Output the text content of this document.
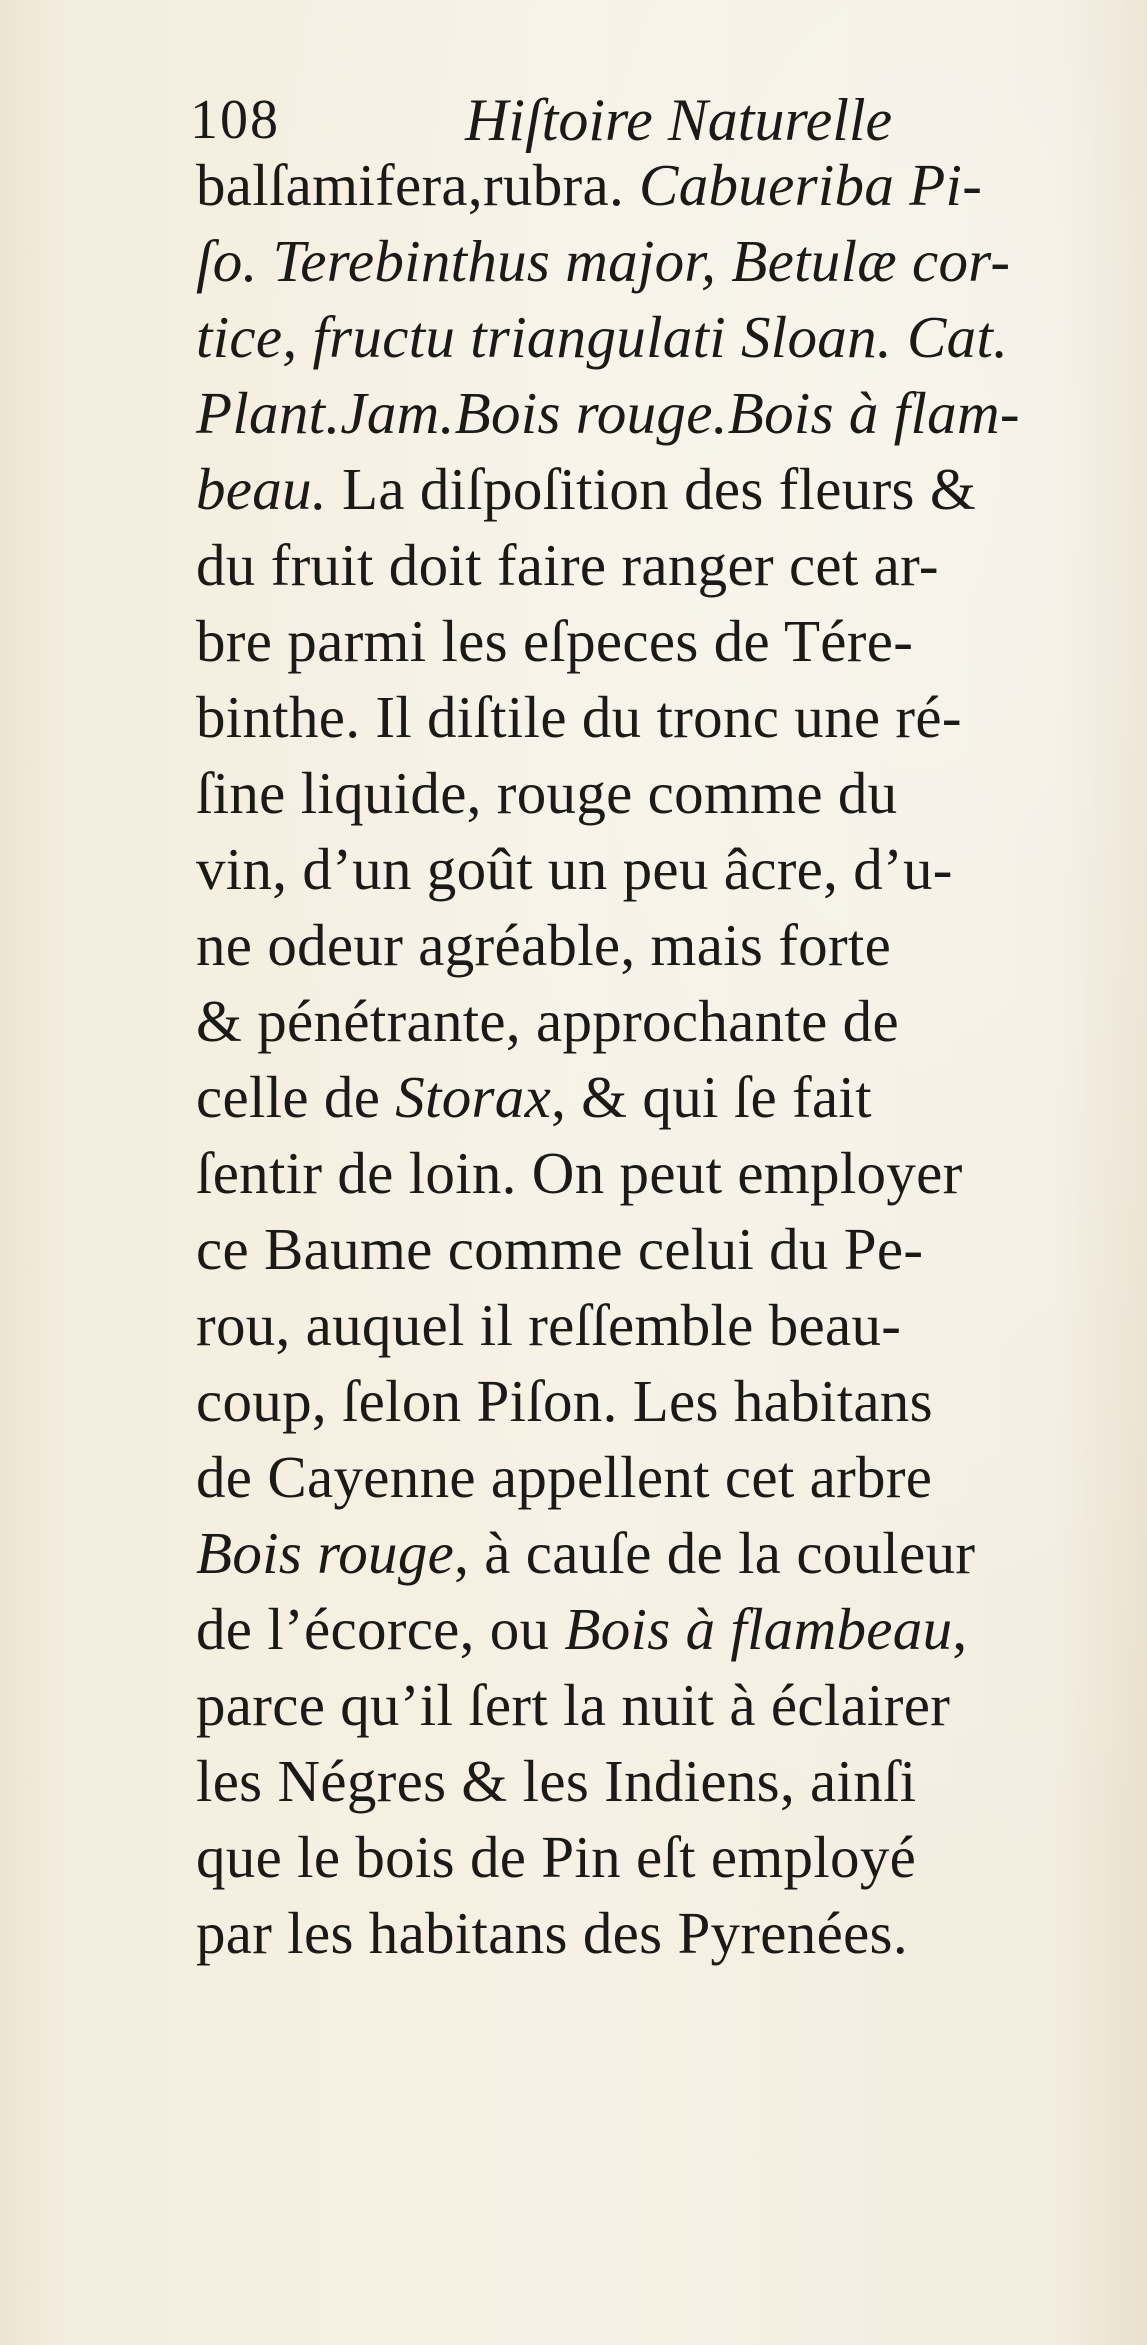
108	Hiſtoire Naturelle
balſamifera,rubra. Cabueriba Pi-
ſo. Terebinthus major, Betulæ cor-
tice, fructu triangulati Sloan. Cat.
Plant.Jam.Bois rouge.Bois à flam-
beau. La diſpoſition des fleurs &
du fruit doit faire ranger cet ar-
bre parmi les eſpeces de Tére-
binthe. Il diſtile du tronc une ré-
ſine liquide, rouge comme du
vin, d’un goût un peu âcre, d’u-
ne odeur agréable, mais forte
& pénétrante, approchante de
celle de Storax, & qui ſe fait
ſentir de loin. On peut employer
ce Baume comme celui du Pe-
rou, auquel il reſſemble beau-
coup, ſelon Piſon. Les habitans
de Cayenne appellent cet arbre
Bois rouge, à cauſe de la couleur
de l’écorce, ou Bois à flambeau,
parce qu’il ſert la nuit à éclairer
les Négres & les Indiens, ainſi
que le bois de Pin eſt employé
par les habitans des Pyrenées.
